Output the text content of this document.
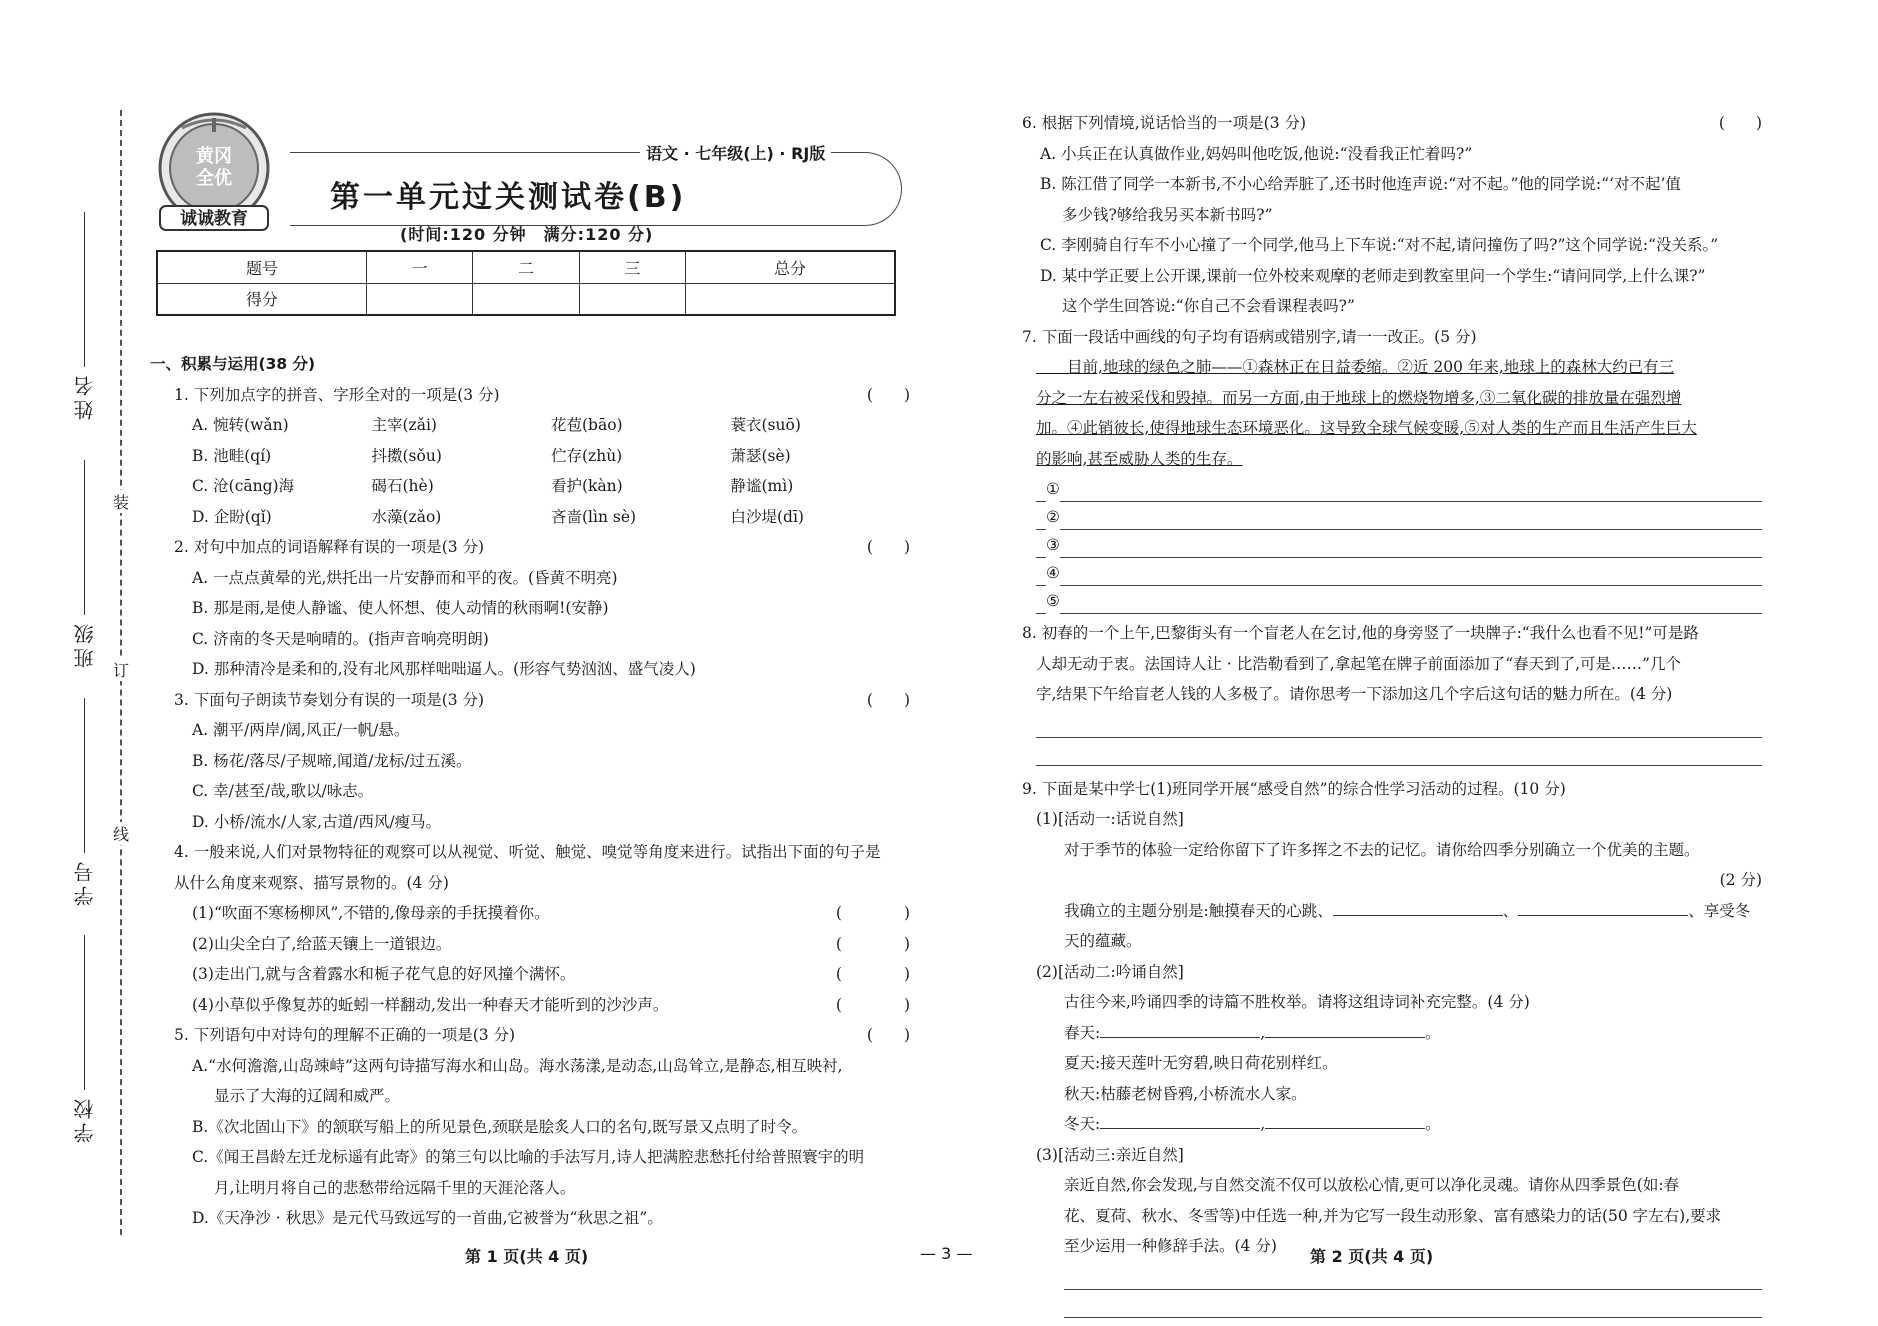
装
订
线
姓名
班级
学号
学校
黄冈
全优
诚诚教育
语文 · 七年级(上) · RJ版
第一单元过关测试卷(B)
(时间:120 分钟　满分:120 分)
题号	一	二	三	总分
得分				

一、积累与运用(38 分)

1. 下列加点字的拼音、字形全对的一项是(3 分)	(　　)

A. 惋转(wǎn)	主宰(zǎi)	花苞(bāo)	蓑衣(suō)
B. 池畦(qí)	抖擞(sǒu)	伫存(zhù)	萧瑟(sè)
C. 沧(cāng)海	碣石(hè)	看护(kàn)	静谧(mì)
D. 企盼(qǐ)	水藻(zǎo)	吝啬(lìn sè)	白沙堤(dī)

2. 对句中加点的词语解释有误的一项是(3 分)	(　　)

A. 一点点黄晕的光,烘托出一片安静而和平的夜。(昏黄不明亮)

B. 那是雨,是使人静谧、使人怀想、使人动情的秋雨啊!(安静)

C. 济南的冬天是响晴的。(指声音响亮明朗)

D. 那种清冷是柔和的,没有北风那样咄咄逼人。(形容气势汹汹、盛气凌人)

3. 下面句子朗读节奏划分有误的一项是(3 分)	(　　)

A. 潮平/两岸/阔,风正/一帆/悬。

B. 杨花/落尽/子规啼,闻道/龙标/过五溪。

C. 幸/甚至/哉,歌以/咏志。

D. 小桥/流水/人家,古道/西风/瘦马。

4. 一般来说,人们对景物特征的观察可以从视觉、听觉、触觉、嗅觉等角度来进行。试指出下面的句子是

从什么角度来观察、描写景物的。(4 分)

(1)“吹面不寒杨柳风”,不错的,像母亲的手抚摸着你。	(　　　　)

(2)山尖全白了,给蓝天镶上一道银边。	(　　　　)

(3)走出门,就与含着露水和栀子花气息的好风撞个满怀。	(　　　　)

(4)小草似乎像复苏的蚯蚓一样翻动,发出一种春天才能听到的沙沙声。	(　　　　)

5. 下列语句中对诗句的理解不正确的一项是(3 分)	(　　)

A.“水何澹澹,山岛竦峙”这两句诗描写海水和山岛。海水荡漾,是动态,山岛耸立,是静态,相互映衬,

显示了大海的辽阔和威严。

B.《次北固山下》的颔联写船上的所见景色,颈联是脍炙人口的名句,既写景又点明了时令。

C.《闻王昌龄左迁龙标遥有此寄》的第三句以比喻的手法写月,诗人把满腔悲愁托付给普照寰宇的明

月,让明月将自己的悲愁带给远隔千里的天涯沦落人。

D.《天净沙 · 秋思》是元代马致远写的一首曲,它被誉为“秋思之祖”。

6. 根据下列情境,说话恰当的一项是(3 分)	(　　)

A. 小兵正在认真做作业,妈妈叫他吃饭,他说:“没看我正忙着吗?”

B. 陈江借了同学一本新书,不小心给弄脏了,还书时他连声说:“对不起。”他的同学说:“‘对不起’值

多少钱?够给我另买本新书吗?”

C. 李刚骑自行车不小心撞了一个同学,他马上下车说:“对不起,请问撞伤了吗?”这个同学说:“没关系。”

D. 某中学正要上公开课,课前一位外校来观摩的老师走到教室里问一个学生:“请问同学,上什么课?”

这个学生回答说:“你自己不会看课程表吗?”

7. 下面一段话中画线的句子均有语病或错别字,请一一改正。(5 分)

　　目前,地球的绿色之肺——①森林正在日益委缩。②近 200 年来,地球上的森林大约已有三

分之一左右被采伐和毁掉。而另一方面,由于地球上的燃烧物增多,③二氧化碳的排放量在强烈增

加。④此销彼长,使得地球生态环境恶化。这导致全球气候变暖,⑤对人类的生产而且生活产生巨大

的影响,甚至威胁人类的生存。

①
②
③
④
⑤

8. 初春的一个上午,巴黎街头有一个盲老人在乞讨,他的身旁竖了一块牌子:“我什么也看不见!”可是路

人却无动于衷。法国诗人让 · 比浩勒看到了,拿起笔在牌子前面添加了“春天到了,可是……”几个

字,结果下午给盲老人钱的人多极了。请你思考一下添加这几个字后这句话的魅力所在。(4 分)

9. 下面是某中学七(1)班同学开展“感受自然”的综合性学习活动的过程。(10 分)

(1)[活动一:话说自然]

对于季节的体验一定给你留下了许多挥之不去的记忆。请你给四季分别确立一个优美的主题。

(2 分)

我确立的主题分别是:触摸春天的心跳、	、	、享受冬

天的蕴藏。

(2)[活动二:吟诵自然]

古往今来,吟诵四季的诗篇不胜枚举。请将这组诗词补充完整。(4 分)

春天:	,	。

夏天:接天莲叶无穷碧,映日荷花别样红。

秋天:枯藤老树昏鸦,小桥流水人家。

冬天:	,	。

(3)[活动三:亲近自然]

亲近自然,你会发现,与自然交流不仅可以放松心情,更可以净化灵魂。请你从四季景色(如:春

花、夏荷、秋水、冬雪等)中任选一种,并为它写一段生动形象、富有感染力的话(50 字左右),要求

至少运用一种修辞手法。(4 分)

第 1 页(共 4 页)	— 3 —	第 2 页(共 4 页)
